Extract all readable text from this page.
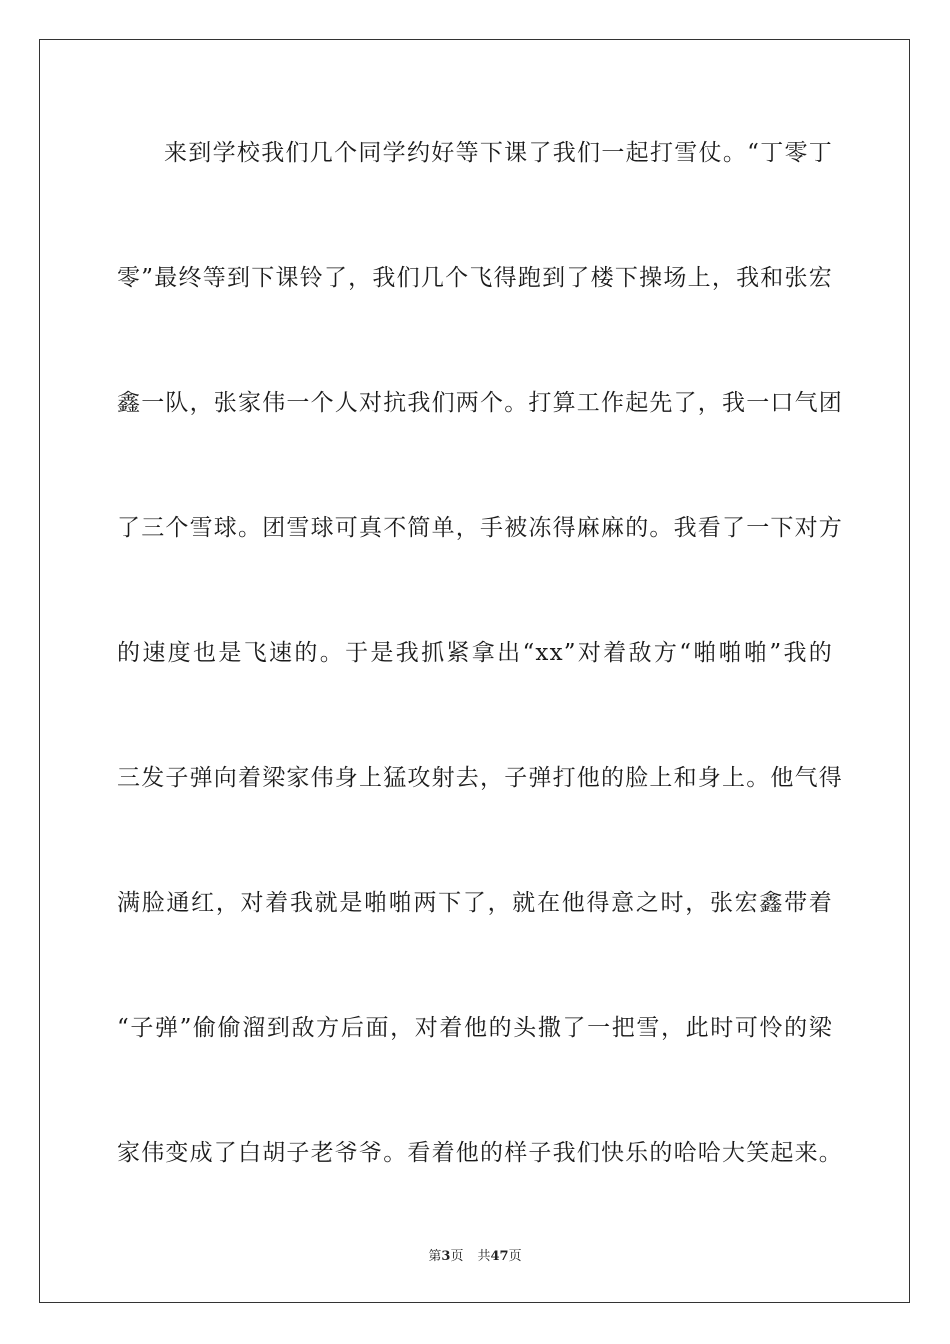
来到学校我们几个同学约好等下课了我们一起打雪仗。“丁零丁
零”最终等到下课铃了，我们几个飞得跑到了楼下操场上，我和张宏
鑫一队，张家伟一个人对抗我们两个。打算工作起先了，我一口气团
了三个雪球。团雪球可真不简单，手被冻得麻麻的。我看了一下对方
的速度也是飞速的。于是我抓紧拿出“xx”对着敌方“啪啪啪”我的
三发子弹向着梁家伟身上猛攻射去，子弹打他的脸上和身上。他气得
满脸通红，对着我就是啪啪两下了，就在他得意之时，张宏鑫带着
“子弹”偷偷溜到敌方后面，对着他的头撒了一把雪，此时可怜的梁
家伟变成了白胡子老爷爷。看着他的样子我们快乐的哈哈大笑起来。
第3页 共47页
